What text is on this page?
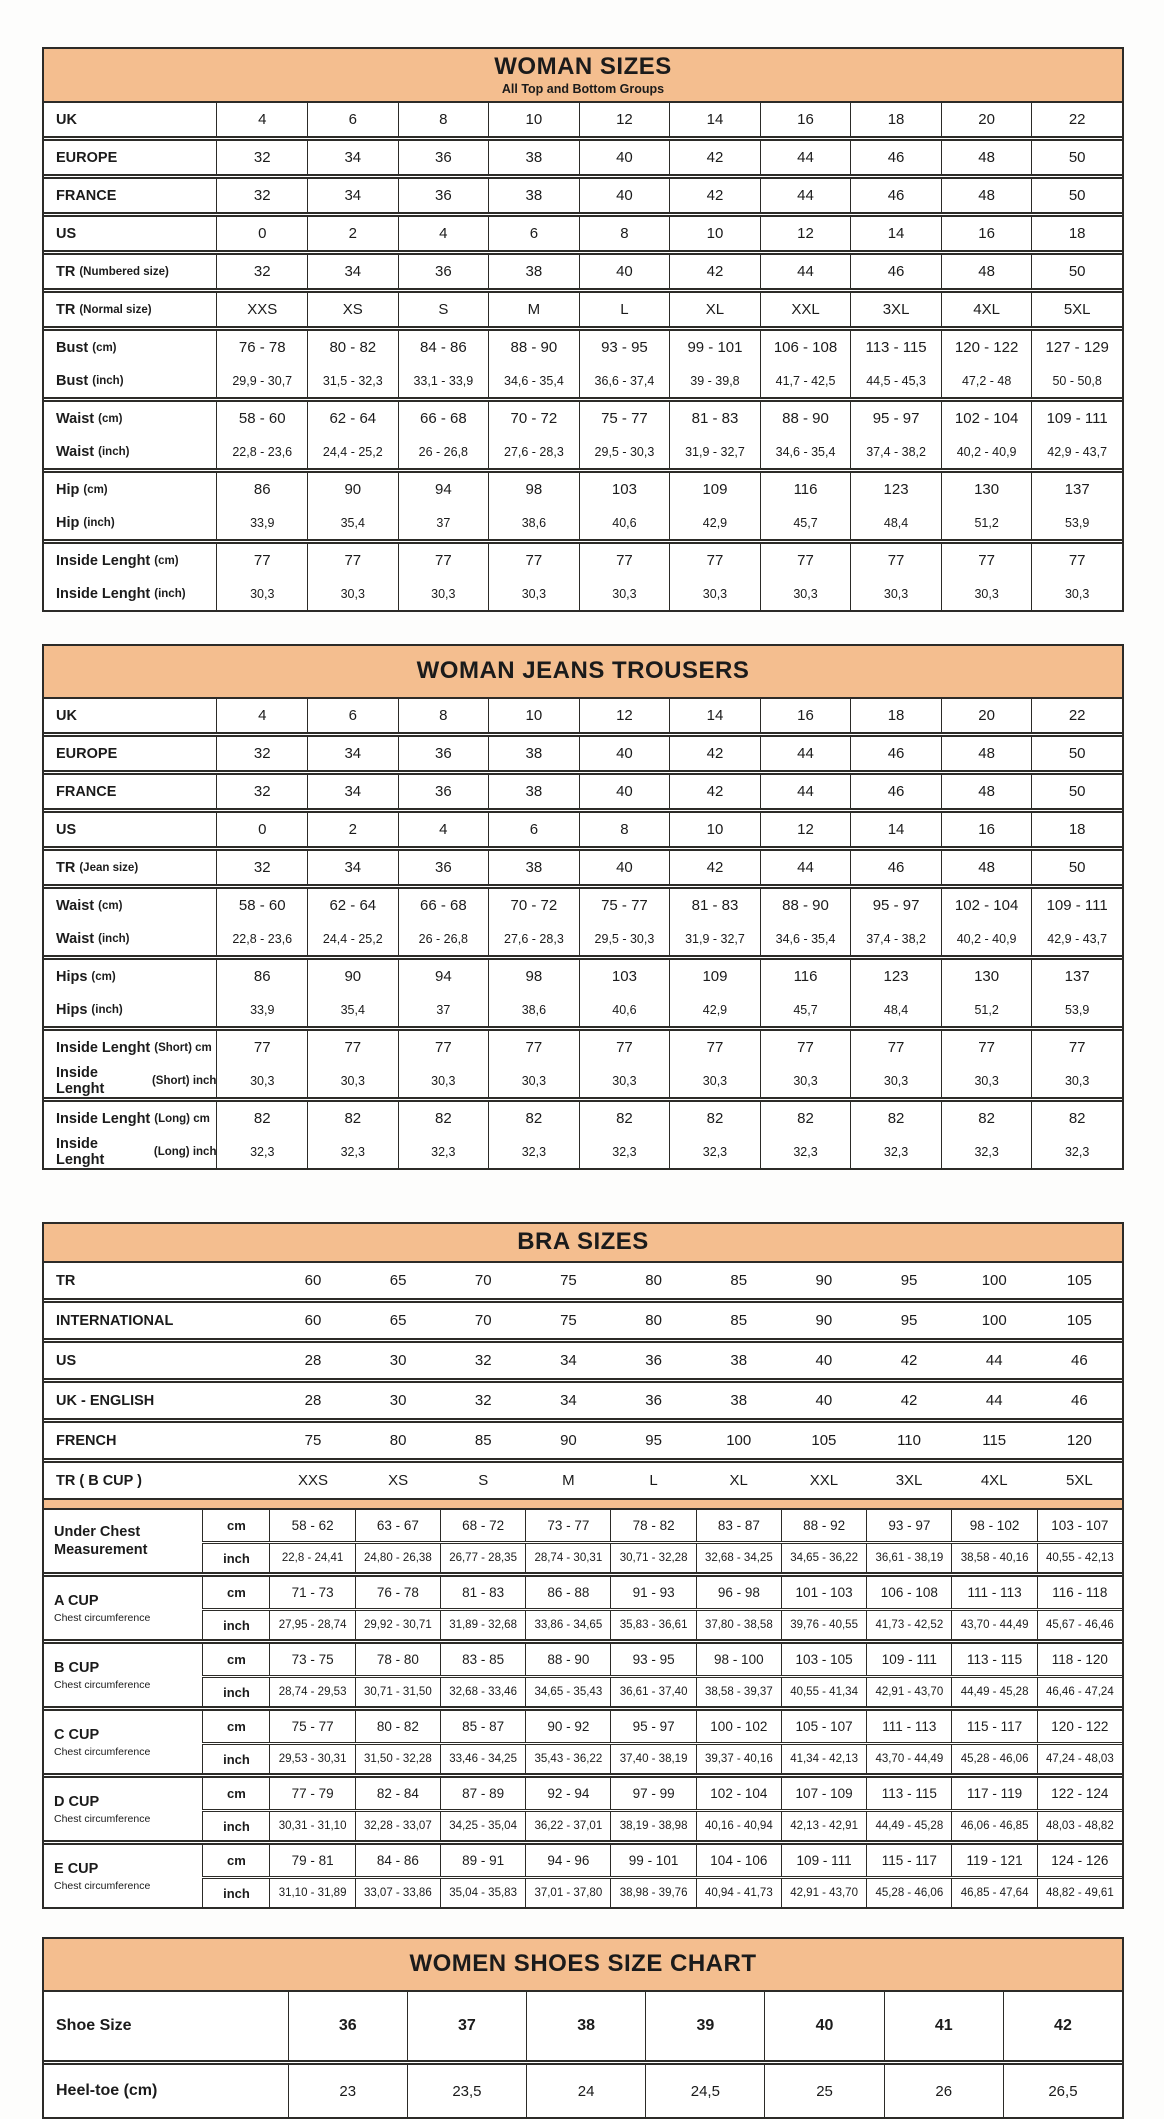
WOMAN SIZES
All Top and Bottom Groups
UK	4	6	8	10	12	14	16	18	20	22
EUROPE	32	34	36	38	40	42	44	46	48	50
FRANCE	32	34	36	38	40	42	44	46	48	50
US	0	2	4	6	8	10	12	14	16	18
TR (Numbered size)	32	34	36	38	40	42	44	46	48	50
TR (Normal size)	XXS	XS	S	M	L	XL	XXL	3XL	4XL	5XL
Bust (cm)	76 - 78	80 - 82	84 - 86	88 - 90	93 - 95	99 - 101	106 - 108	113 - 115	120 - 122	127 - 129
Bust (inch)	29,9 - 30,7	31,5 - 32,3	33,1 - 33,9	34,6 - 35,4	36,6 - 37,4	39 - 39,8	41,7 - 42,5	44,5 - 45,3	47,2 - 48	50 - 50,8
Waist (cm)	58 - 60	62 - 64	66 - 68	70 - 72	75 - 77	81 - 83	88 - 90	95 - 97	102 - 104	109 - 111
Waist (inch)	22,8 - 23,6	24,4 - 25,2	26 - 26,8	27,6 - 28,3	29,5 - 30,3	31,9 - 32,7	34,6 - 35,4	37,4 - 38,2	40,2 - 40,9	42,9 - 43,7
Hip (cm)	86	90	94	98	103	109	116	123	130	137
Hip (inch)	33,9	35,4	37	38,6	40,6	42,9	45,7	48,4	51,2	53,9
Inside Lenght (cm)	77	77	77	77	77	77	77	77	77	77
Inside Lenght (inch)	30,3	30,3	30,3	30,3	30,3	30,3	30,3	30,3	30,3	30,3
WOMAN JEANS TROUSERS
UK	4	6	8	10	12	14	16	18	20	22
EUROPE	32	34	36	38	40	42	44	46	48	50
FRANCE	32	34	36	38	40	42	44	46	48	50
US	0	2	4	6	8	10	12	14	16	18
TR (Jean size)	32	34	36	38	40	42	44	46	48	50
Waist (cm)	58 - 60	62 - 64	66 - 68	70 - 72	75 - 77	81 - 83	88 - 90	95 - 97	102 - 104	109 - 111
Waist (inch)	22,8 - 23,6	24,4 - 25,2	26 - 26,8	27,6 - 28,3	29,5 - 30,3	31,9 - 32,7	34,6 - 35,4	37,4 - 38,2	40,2 - 40,9	42,9 - 43,7
Hips (cm)	86	90	94	98	103	109	116	123	130	137
Hips (inch)	33,9	35,4	37	38,6	40,6	42,9	45,7	48,4	51,2	53,9
Inside Lenght (Short) cm	77	77	77	77	77	77	77	77	77	77
Inside Lenght	(Short) inch	30,3	30,3	30,3	30,3	30,3	30,3	30,3	30,3	30,3	30,3
Inside Lenght (Long) cm	82	82	82	82	82	82	82	82	82	82
Inside Lenght	(Long) inch	32,3	32,3	32,3	32,3	32,3	32,3	32,3	32,3	32,3	32,3
BRA SIZES
TR	60	65	70	75	80	85	90	95	100	105
INTERNATIONAL	60	65	70	75	80	85	90	95	100	105
US	28	30	32	34	36	38	40	42	44	46
UK - ENGLISH	28	30	32	34	36	38	40	42	44	46
FRENCH	75	80	85	90	95	100	105	110	115	120
TR ( B CUP )	XXS	XS	S	M	L	XL	XXL	3XL	4XL	5XL
Under Chest Measurement
cm	58 - 62	63 - 67	68 - 72	73 - 77	78 - 82	83 - 87	88 - 92	93 - 97	98 - 102	103 - 107
inch	22,8 - 24,41	24,80 - 26,38	26,77 - 28,35	28,74 - 30,31	30,71 - 32,28	32,68 - 34,25	34,65 - 36,22	36,61 - 38,19	38,58 - 40,16	40,55 - 42,13
A CUP
Chest circumference
cm	71 - 73	76 - 78	81 - 83	86 - 88	91 - 93	96 - 98	101 - 103	106 - 108	111 - 113	116 - 118
inch	27,95 - 28,74	29,92 - 30,71	31,89 - 32,68	33,86 - 34,65	35,83 - 36,61	37,80 - 38,58	39,76 - 40,55	41,73 - 42,52	43,70 - 44,49	45,67 - 46,46
B CUP
Chest circumference
cm	73 - 75	78 - 80	83 - 85	88 - 90	93 - 95	98 - 100	103 - 105	109 - 111	113 - 115	118 - 120
inch	28,74 - 29,53	30,71 - 31,50	32,68 - 33,46	34,65 - 35,43	36,61 - 37,40	38,58 - 39,37	40,55 - 41,34	42,91 - 43,70	44,49 - 45,28	46,46 - 47,24
C CUP
Chest circumference
cm	75 - 77	80 - 82	85 - 87	90 - 92	95 - 97	100 - 102	105 - 107	111 - 113	115 - 117	120 - 122
inch	29,53 - 30,31	31,50 - 32,28	33,46 - 34,25	35,43 - 36,22	37,40 - 38,19	39,37 - 40,16	41,34 - 42,13	43,70 - 44,49	45,28 - 46,06	47,24 - 48,03
D CUP
Chest circumference
cm	77 - 79	82 - 84	87 - 89	92 - 94	97 - 99	102 - 104	107 - 109	113 - 115	117 - 119	122 - 124
inch	30,31 - 31,10	32,28 - 33,07	34,25 - 35,04	36,22 - 37,01	38,19 - 38,98	40,16 - 40,94	42,13 - 42,91	44,49 - 45,28	46,06 - 46,85	48,03 - 48,82
E CUP
Chest circumference
cm	79 - 81	84 - 86	89 - 91	94 - 96	99 - 101	104 - 106	109 - 111	115 - 117	119 - 121	124 - 126
inch	31,10 - 31,89	33,07 - 33,86	35,04 - 35,83	37,01 - 37,80	38,98 - 39,76	40,94 - 41,73	42,91 - 43,70	45,28 - 46,06	46,85 - 47,64	48,82 - 49,61
WOMEN SHOES SIZE CHART
Shoe Size	36	37	38	39	40	41	42
Heel-toe (cm)	23	23,5	24	24,5	25	26	26,5
